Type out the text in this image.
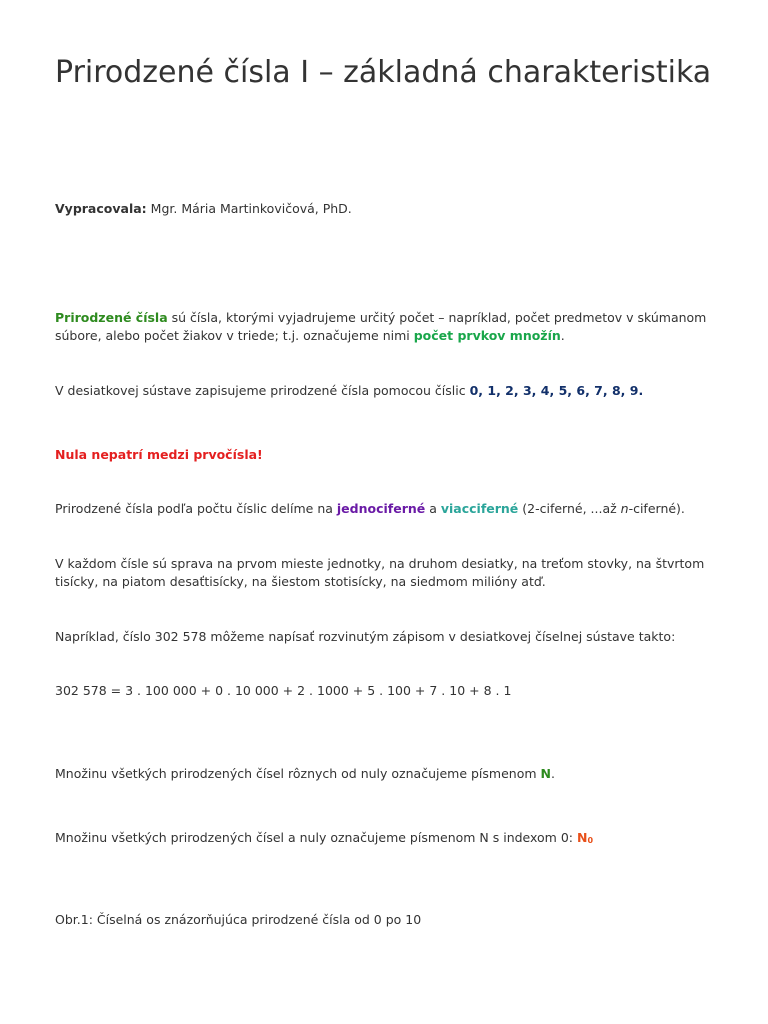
Prirodzené čísla I – základná charakteristika

Vypracovala: Mgr. Mária Martinkovičová, PhD.

Prirodzené čísla sú čísla, ktorými vyjadrujeme určitý počet – napríklad, počet predmetov v skúmanom súbore, alebo počet žiakov v triede; t.j. označujeme nimi počet prvkov množín.

V desiatkovej sústave zapisujeme prirodzené čísla pomocou číslic 0, 1, 2, 3, 4, 5, 6, 7, 8, 9.

Nula nepatrí medzi prvočísla!

Prirodzené čísla podľa počtu číslic delíme na jednociferné a viacciferné (2-ciferné, ...až n-ciferné).

V každom čísle sú sprava na prvom mieste jednotky, na druhom desiatky, na treťom stovky, na štvrtom tisícky, na piatom desaťtisícky, na šiestom stotisícky, na siedmom milióny atď.

Napríklad, číslo 302 578 môžeme napísať rozvinutým zápisom v desiatkovej číselnej sústave takto:

302 578 = 3 . 100 000 + 0 . 10 000 + 2 . 1000 + 5 . 100 + 7 . 10 + 8 . 1

Množinu všetkých prirodzených čísel rôznych od nuly označujeme písmenom N.

Množinu všetkých prirodzených čísel a nuly označujeme písmenom N s indexom 0: N0

Obr.1: Číselná os znázorňujúca prirodzené čísla od 0 po 10
